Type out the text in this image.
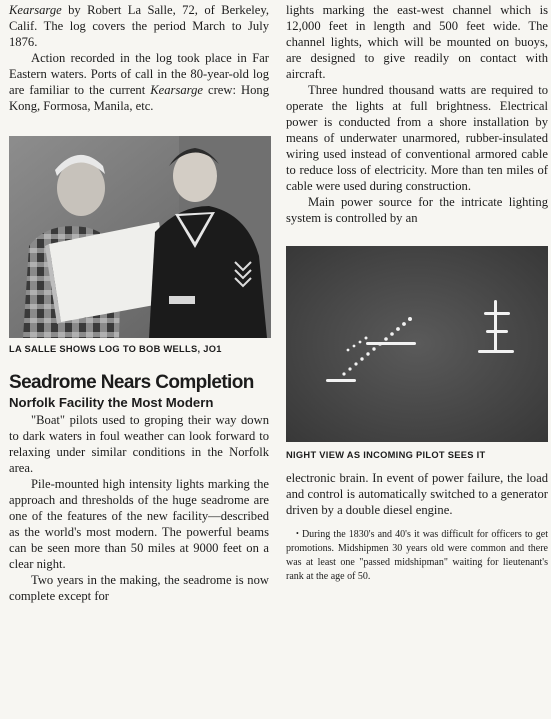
Kearsarge by Robert La Salle, 72, of Berkeley, Calif. The log covers the period March to July 1876.

Action recorded in the log took place in Far Eastern waters. Ports of call in the 80-year-old log are familiar to the current Kearsarge crew: Hong Kong, Formosa, Manila, etc.

LA SALLE SHOWS LOG TO BOB WELLS, JO1
Seadrome Nears Completion
Norfolk Facility the Most Modern

"Boat" pilots used to groping their way down to dark waters in foul weather can look forward to relaxing under similar conditions in the Norfolk area.

Pile-mounted high intensity lights marking the approach and thresholds of the huge seadrome are one of the features of the new facility—described as the world's most modern. The powerful beams can be seen more than 50 miles at 9000 feet on a clear night.

Two years in the making, the seadrome is now complete except for

lights marking the east-west channel which is 12,000 feet in length and 500 feet wide. The channel lights, which will be mounted on buoys, are designed to give readily on contact with aircraft.

Three hundred thousand watts are required to operate the lights at full brightness. Electrical power is conducted from a shore installation by means of underwater unarmored, rubber-insulated wiring used instead of conventional armored cable to reduce loss of electricity. More than ten miles of cable were used during construction.

Main power source for the intricate lighting system is controlled by an

NIGHT VIEW AS INCOMING PILOT SEES IT

electronic brain. In event of power failure, the load and control is automatically switched to a generator driven by a double diesel engine.

• During the 1830's and 40's it was difficult for officers to get promotions. Midshipmen 30 years old were common and there was at least one "passed midshipman" waiting for lieutenant's rank at the age of 50.
